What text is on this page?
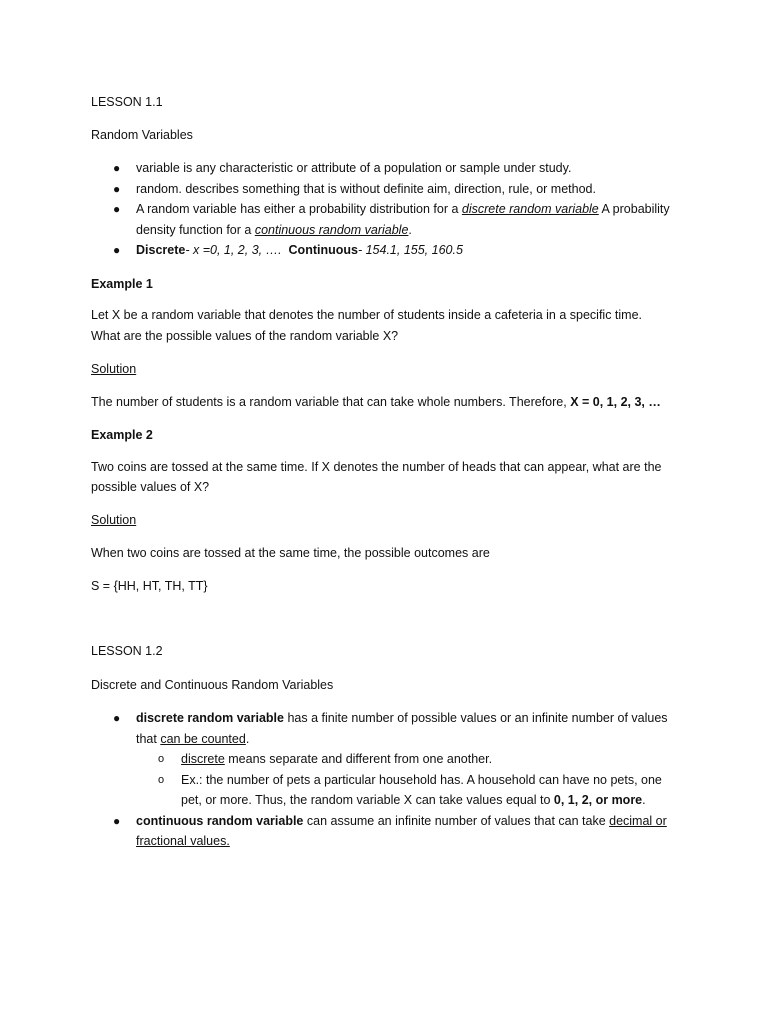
LESSON 1.1

Random Variables

● variable is any characteristic or attribute of a population or sample under study.
● random. describes something that is without definite aim, direction, rule, or method.
● A random variable has either a probability distribution for a discrete random variable A probability density function for a continuous random variable.
● Discrete- x =0, 1, 2, 3, …. Continuous- 154.1, 155, 160.5

Example 1

Let X be a random variable that denotes the number of students inside a cafeteria in a specific time.

What are the possible values of the random variable X?

Solution

The number of students is a random variable that can take whole numbers. Therefore, X = 0, 1, 2, 3, …

Example 2

Two coins are tossed at the same time. If X denotes the number of heads that can appear, what are the

possible values of X?

Solution

When two coins are tossed at the same time, the possible outcomes are

S = {HH, HT, TH, TT}

LESSON 1.2

Discrete and Continuous Random Variables

● discrete random variable has a finite number of possible values or an infinite number of values
that can be counted.
o discrete means separate and different from one another.
o Ex.: the number of pets a particular household has. A household can have no pets, one pet, or more. Thus, the random variable X can take values equal to 0, 1, 2, or more.
● continuous random variable can assume an infinite number of values that can take decimal or fractional values.
